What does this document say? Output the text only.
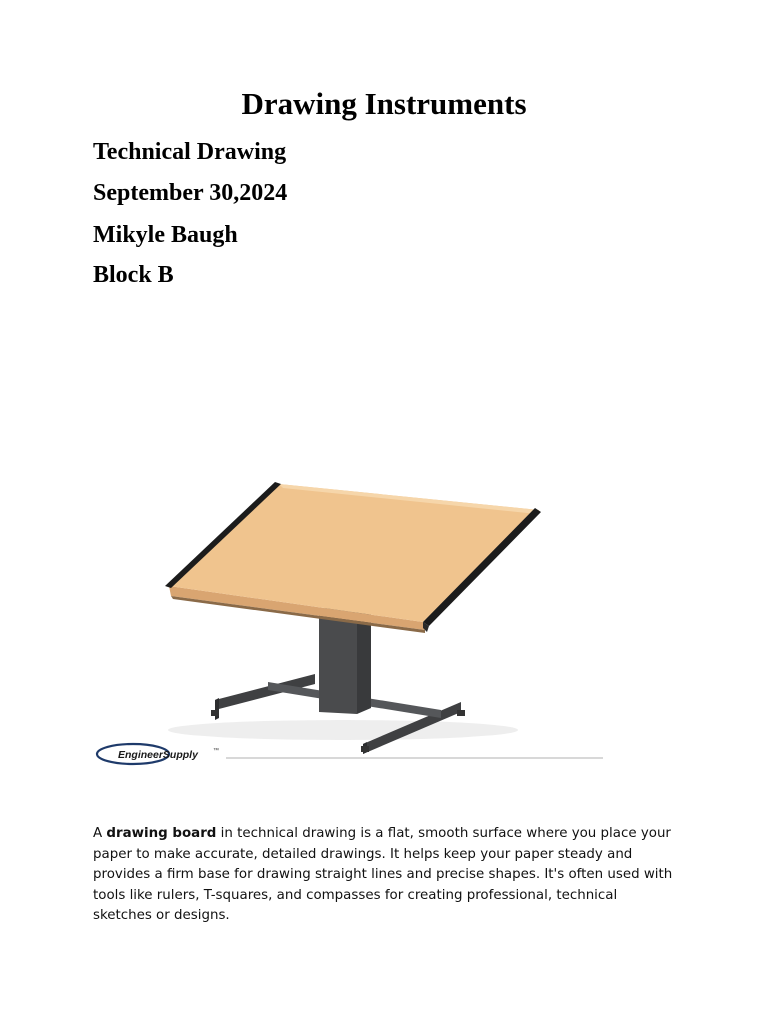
Drawing Instruments
Technical Drawing
September 30,2024
Mikyle Baugh
Block B
EngineerSupply	™
A drawing board in technical drawing is a flat, smooth surface where you place your paper to make accurate, detailed drawings. It helps keep your paper steady and provides a firm base for drawing straight lines and precise shapes. It's often used with tools like rulers, T-squares, and compasses for creating professional, technical sketches or designs.
